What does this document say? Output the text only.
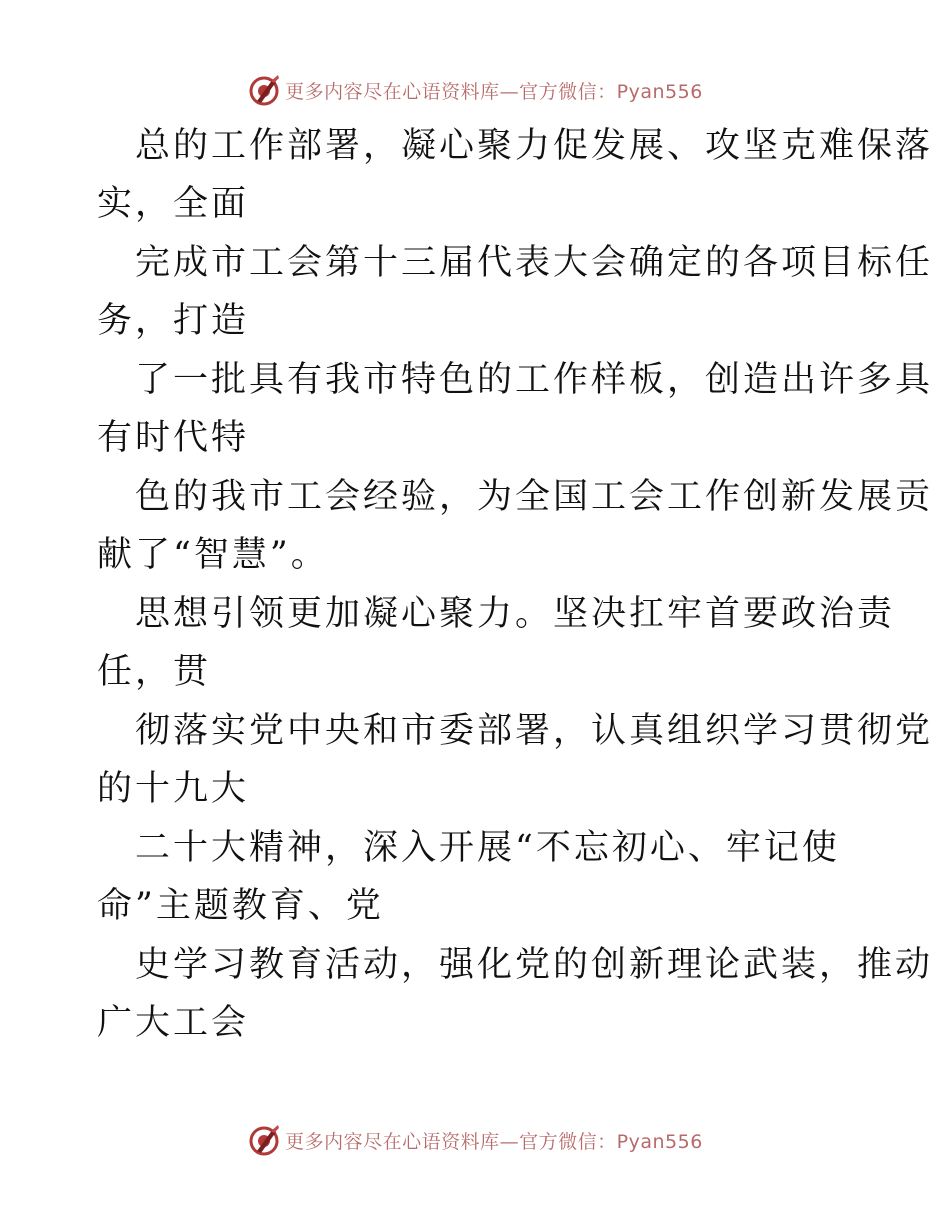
更多内容尽在心语资料库—官方微信：Pyan556
总的工作部署，凝心聚力促发展、攻坚克难保落
实，全面
完成市工会第十三届代表大会确定的各项目标任
务，打造
了一批具有我市特色的工作样板，创造出许多具
有时代特
色的我市工会经验，为全国工会工作创新发展贡
献了“智慧”。
思想引领更加凝心聚力。坚决扛牢首要政治责
任，贯
彻落实党中央和市委部署，认真组织学习贯彻党
的十九大
二十大精神，深入开展“不忘初心、牢记使
命”主题教育、党
史学习教育活动，强化党的创新理论武装，推动
广大工会
更多内容尽在心语资料库—官方微信：Pyan556
